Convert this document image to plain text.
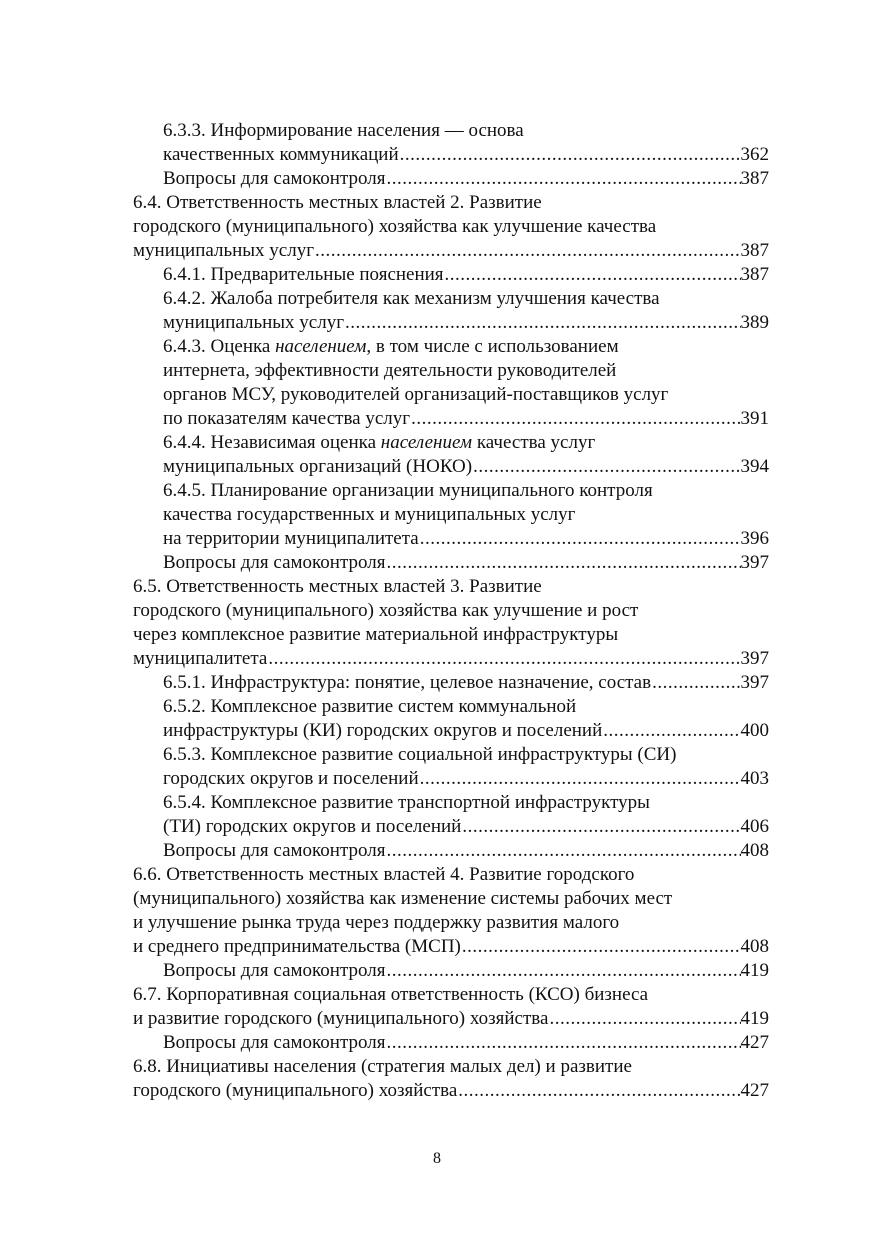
6.3.3. Информирование населения — основа
качественных коммуникаций .....	362
Вопросы для самоконтроля .....	387
6.4. Ответственность местных властей 2. Развитие
городского (муниципального) хозяйства как улучшение качества
муниципальных услуг .....	387
6.4.1. Предварительные пояснения .....	387
6.4.2. Жалоба потребителя как механизм улучшения качества
муниципальных услуг .....	389
6.4.3. Оценка населением, в том числе с использованием
интернета, эффективности деятельности руководителей
органов МСУ, руководителей организаций-поставщиков услуг
по показателям качества услуг .....	391
6.4.4. Независимая оценка населением качества услуг
муниципальных организаций (НОКО) .....	394
6.4.5. Планирование организации муниципального контроля
качества государственных и муниципальных услуг
на территории муниципалитета .....	396
Вопросы для самоконтроля .....	397
6.5. Ответственность местных властей 3. Развитие
городского (муниципального) хозяйства как улучшение и рост
через комплексное развитие материальной инфраструктуры
муниципалитета .....	397
6.5.1. Инфраструктура: понятие, целевое назначение, состав .....	397
6.5.2. Комплексное развитие систем коммунальной
инфраструктуры (КИ) городских округов и поселений .....	400
6.5.3. Комплексное развитие социальной инфраструктуры (СИ)
городских округов и поселений .....	403
6.5.4. Комплексное развитие транспортной инфраструктуры
(ТИ) городских округов и поселений .....	406
Вопросы для самоконтроля .....	408
6.6. Ответственность местных властей 4. Развитие городского
(муниципального) хозяйства как изменение системы рабочих мест
и улучшение рынка труда через поддержку развития малого
и среднего предпринимательства (МСП) .....	408
Вопросы для самоконтроля .....	419
6.7. Корпоративная социальная ответственность (КСО) бизнеса
и развитие городского (муниципального) хозяйства .....	419
Вопросы для самоконтроля .....	427
6.8. Инициативы населения (стратегия малых дел) и развитие
городского (муниципального) хозяйства .....	427
8
